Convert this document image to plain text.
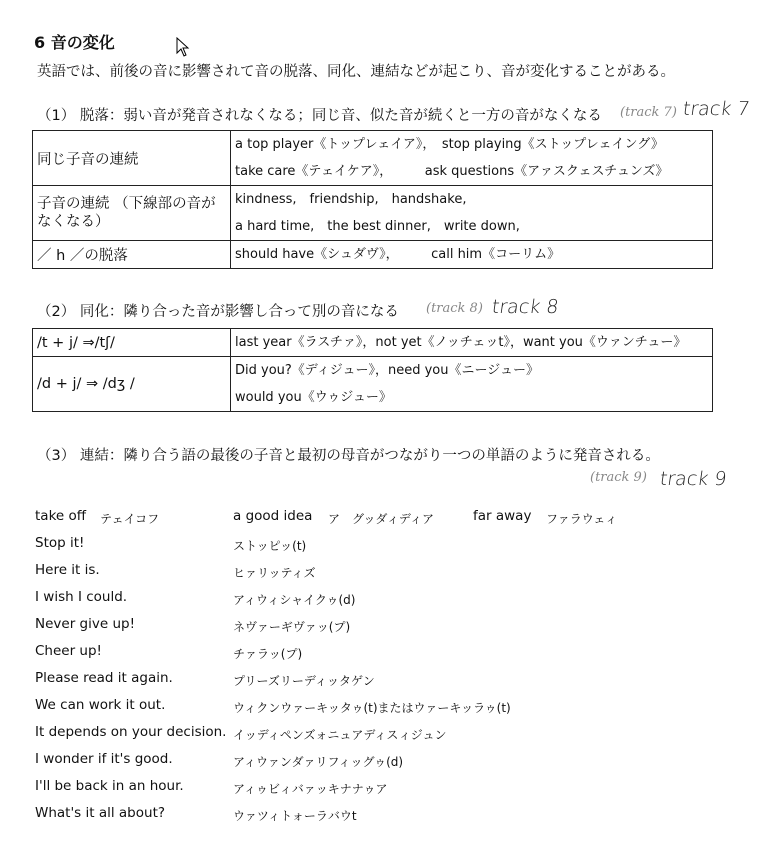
6 音の変化
英語では、前後の音に影響されて音の脱落、同化、連結などが起こり、音が変化することがある。
（1） 脱落：弱い音が発音されなくなる；同じ音、似た音が続くと一方の音がなくなる (track 7) track 7
同じ子音の連続	a top player《トップレェイア》，　stop playing《ストップレェイング》
take care《テェイケア》，　　　ask questions《アァスクェスチュンズ》

子音の連続 （下線部の音がなくなる）	kindness,　friendship,　handshake,
a hard time,　the best dinner,　write down,

／ h ／の脱落	should have《シュダヴ》，　　　call him《コーリム》
（2） 同化：隣り合った音が影響し合って別の音になる (track 8) track 8
/t + j/ ⇒/tʃ/	last year《ラスチァ》，not yet《ノッチェッt》，want you《ウァンチュー》

/d + j/ ⇒ /dʒ /	Did you?《ディジュー》，need you《ニージュー》
would you《ウゥジュー》
（3） 連結：隣り合う語の最後の子音と最初の母音がつながり一つの単語のように発音される。
(track 9) track 9
take off テェイコフ	a good idea ア　グッダィディア	far away ファラウェィ
Stop it!	ストッピッ(t)
Here it is.	ヒァリッティズ
I wish I could.	アィウィシャイクゥ(d)
Never give up!	ネヴァーギヴァッ(プ)
Cheer up!	チァラッ(プ)
Please read it again.	プリーズリーディッタゲン
We can work it out.	ウィクンウァーキッタゥ(t)またはウァーキッラゥ(t)
It depends on your decision. イッディペンズォニュアディスィジュン
I wonder if it's good.	アィウァンダァリフィッグゥ(d)
I'll be back in an hour.	アィゥビィバァッキナナゥア
What's it all about?	ウァツィトォーラバウt
